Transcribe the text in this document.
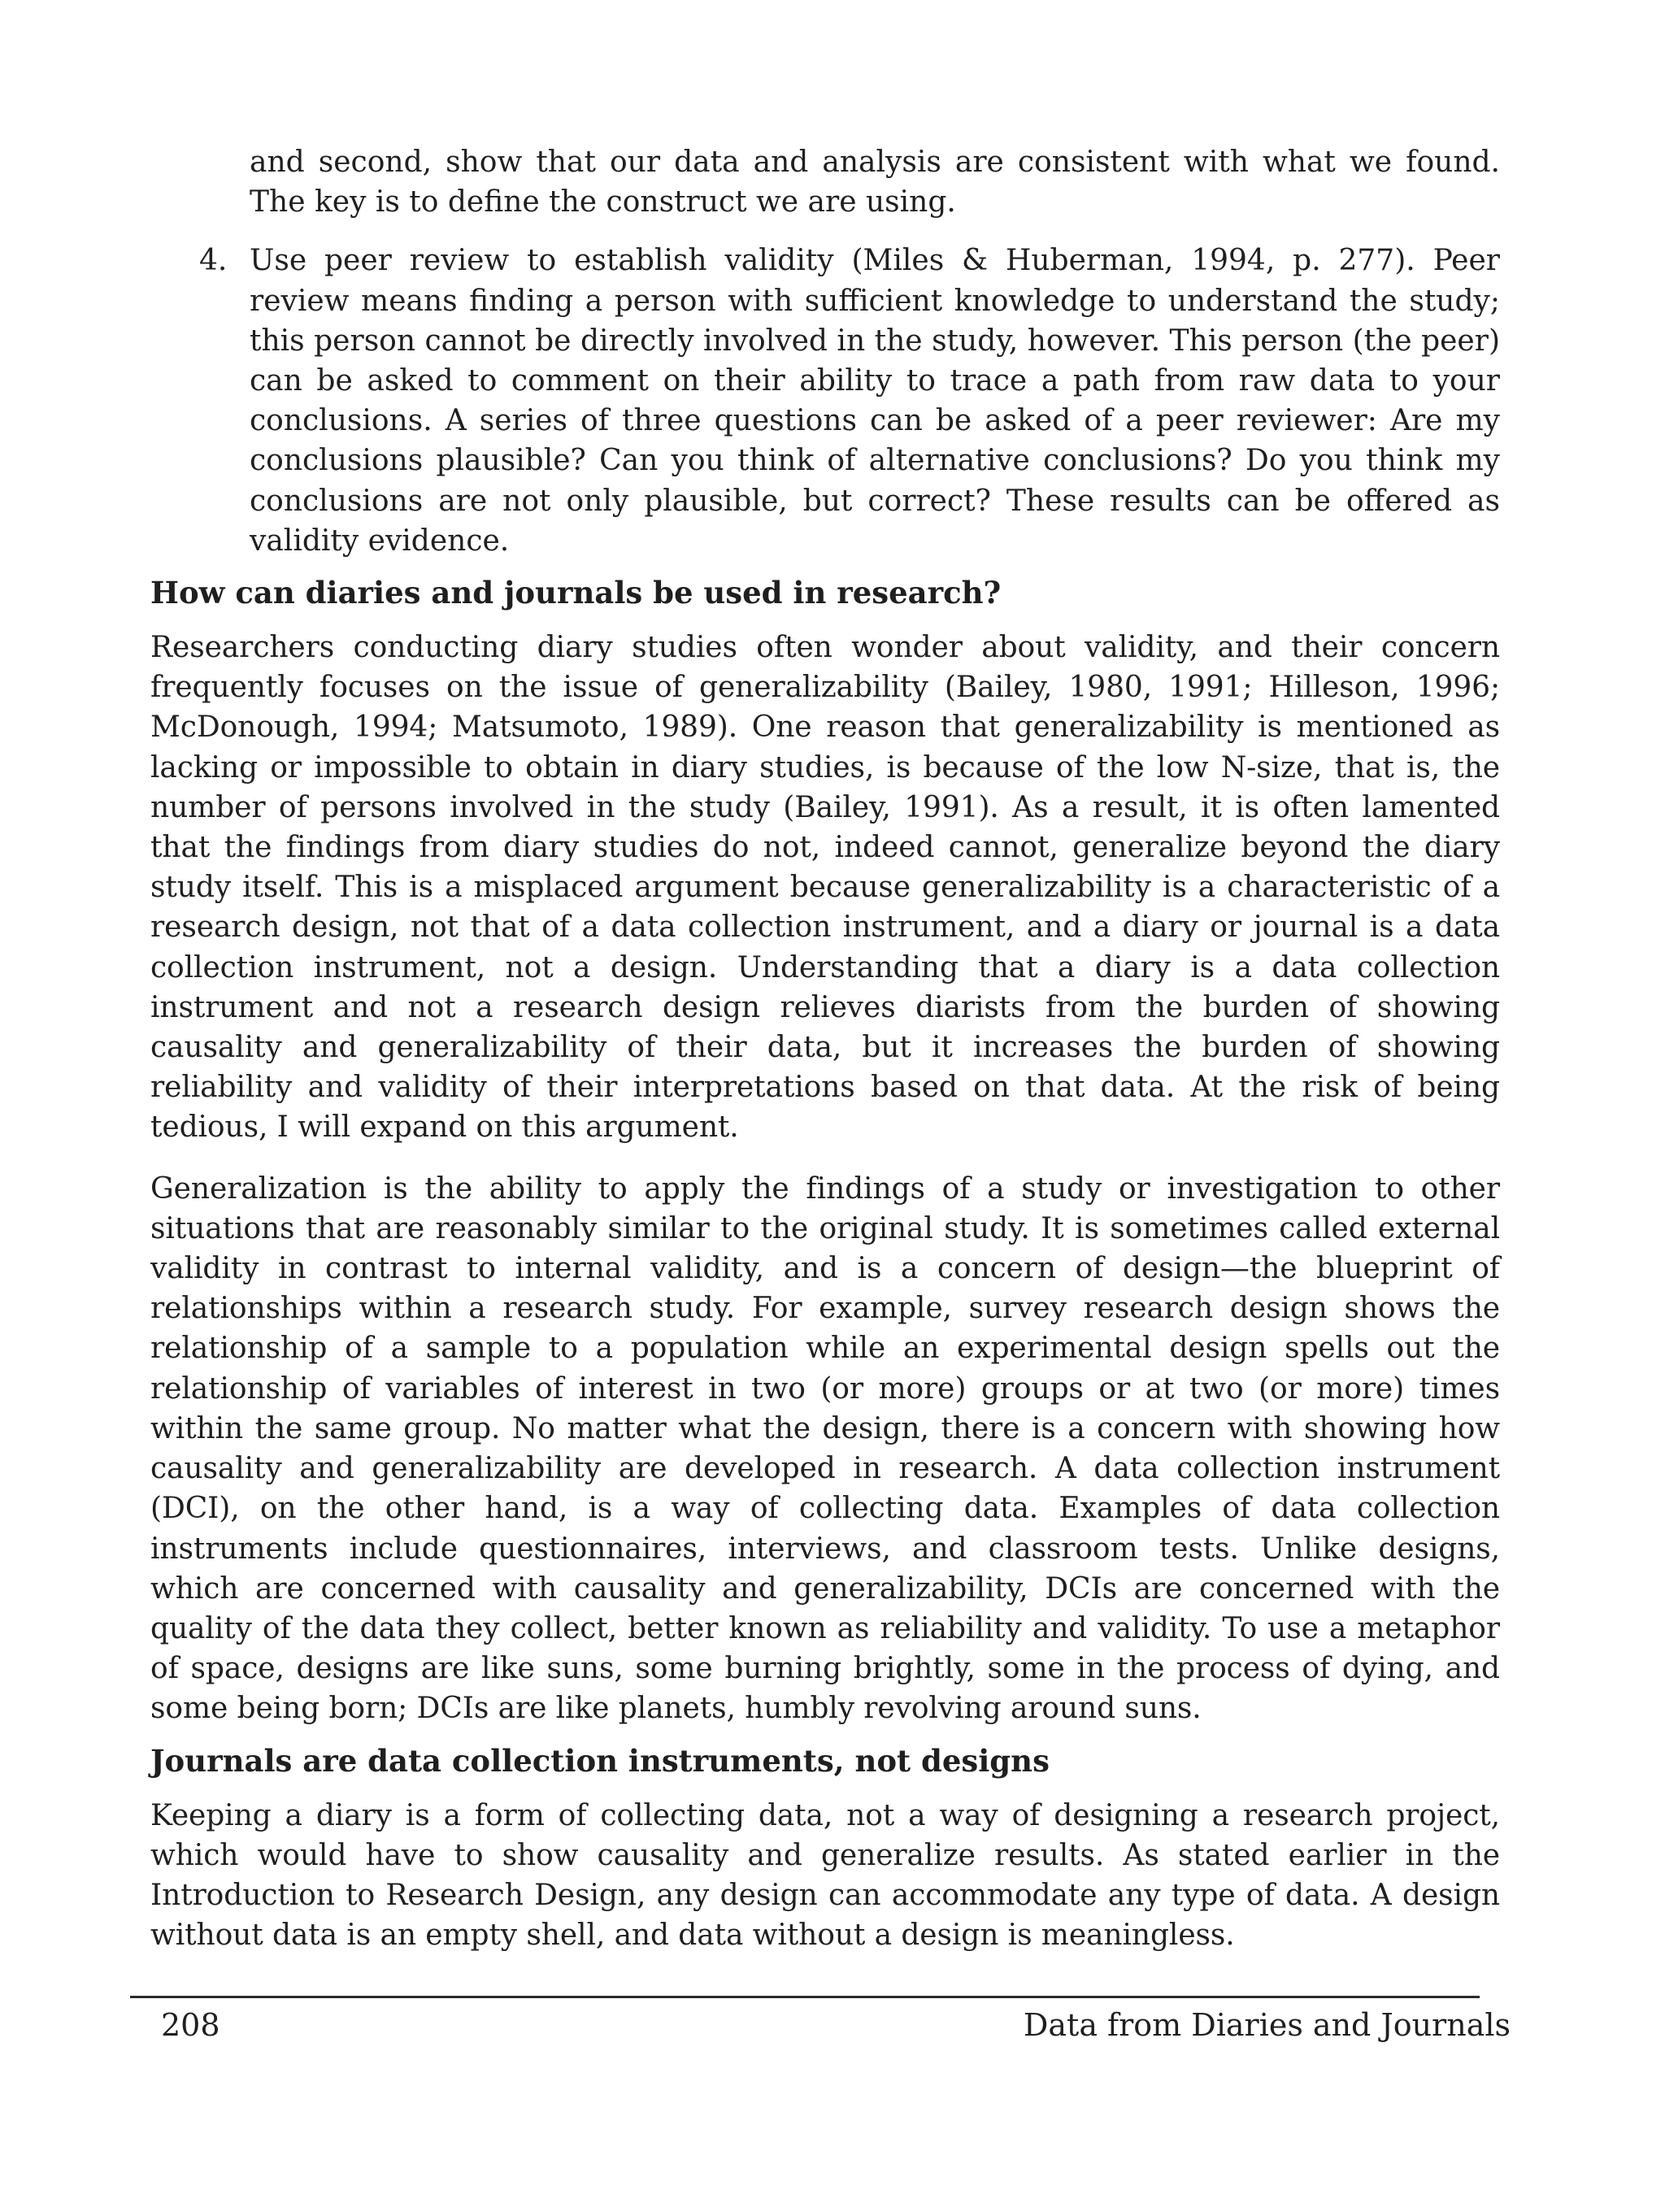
and second, show that our data and analysis are consistent with what we found. The key is to define the construct we are using.

4. Use peer review to establish validity (Miles & Huberman, 1994, p. 277). Peer review means finding a person with sufficient knowledge to understand the study; this person cannot be directly involved in the study, however. This person (the peer) can be asked to comment on their ability to trace a path from raw data to your conclusions. A series of three questions can be asked of a peer reviewer: Are my conclusions plausible? Can you think of alternative conclusions? Do you think my conclusions are not only plausible, but correct? These results can be offered as validity evidence.

How can diaries and journals be used in research?

Researchers conducting diary studies often wonder about validity, and their concern frequently focuses on the issue of generalizability (Bailey, 1980, 1991; Hilleson, 1996; McDonough, 1994; Matsumoto, 1989). One reason that generalizability is mentioned as lacking or impossible to obtain in diary studies, is because of the low N-size, that is, the number of persons involved in the study (Bailey, 1991). As a result, it is often lamented that the findings from diary studies do not, indeed cannot, generalize beyond the diary study itself. This is a misplaced argument because generalizability is a characteristic of a research design, not that of a data collection instrument, and a diary or journal is a data collection instrument, not a design. Understanding that a diary is a data collection instrument and not a research design relieves diarists from the burden of showing causality and generalizability of their data, but it increases the burden of showing reliability and validity of their interpretations based on that data. At the risk of being tedious, I will expand on this argument.

Generalization is the ability to apply the findings of a study or investigation to other situations that are reasonably similar to the original study. It is sometimes called external validity in contrast to internal validity, and is a concern of design—the blueprint of relationships within a research study. For example, survey research design shows the relationship of a sample to a population while an experimental design spells out the relationship of variables of interest in two (or more) groups or at two (or more) times within the same group. No matter what the design, there is a concern with showing how causality and generalizability are developed in research. A data collection instrument (DCI), on the other hand, is a way of collecting data. Examples of data collection instruments include questionnaires, interviews, and classroom tests. Unlike designs, which are concerned with causality and generalizability, DCIs are concerned with the quality of the data they collect, better known as reliability and validity. To use a metaphor of space, designs are like suns, some burning brightly, some in the process of dying, and some being born; DCIs are like planets, humbly revolving around suns.

Journals are data collection instruments, not designs

Keeping a diary is a form of collecting data, not a way of designing a research project, which would have to show causality and generalize results. As stated earlier in the Introduction to Research Design, any design can accommodate any type of data. A design without data is an empty shell, and data without a design is meaningless.

208	Data from Diaries and Journals
